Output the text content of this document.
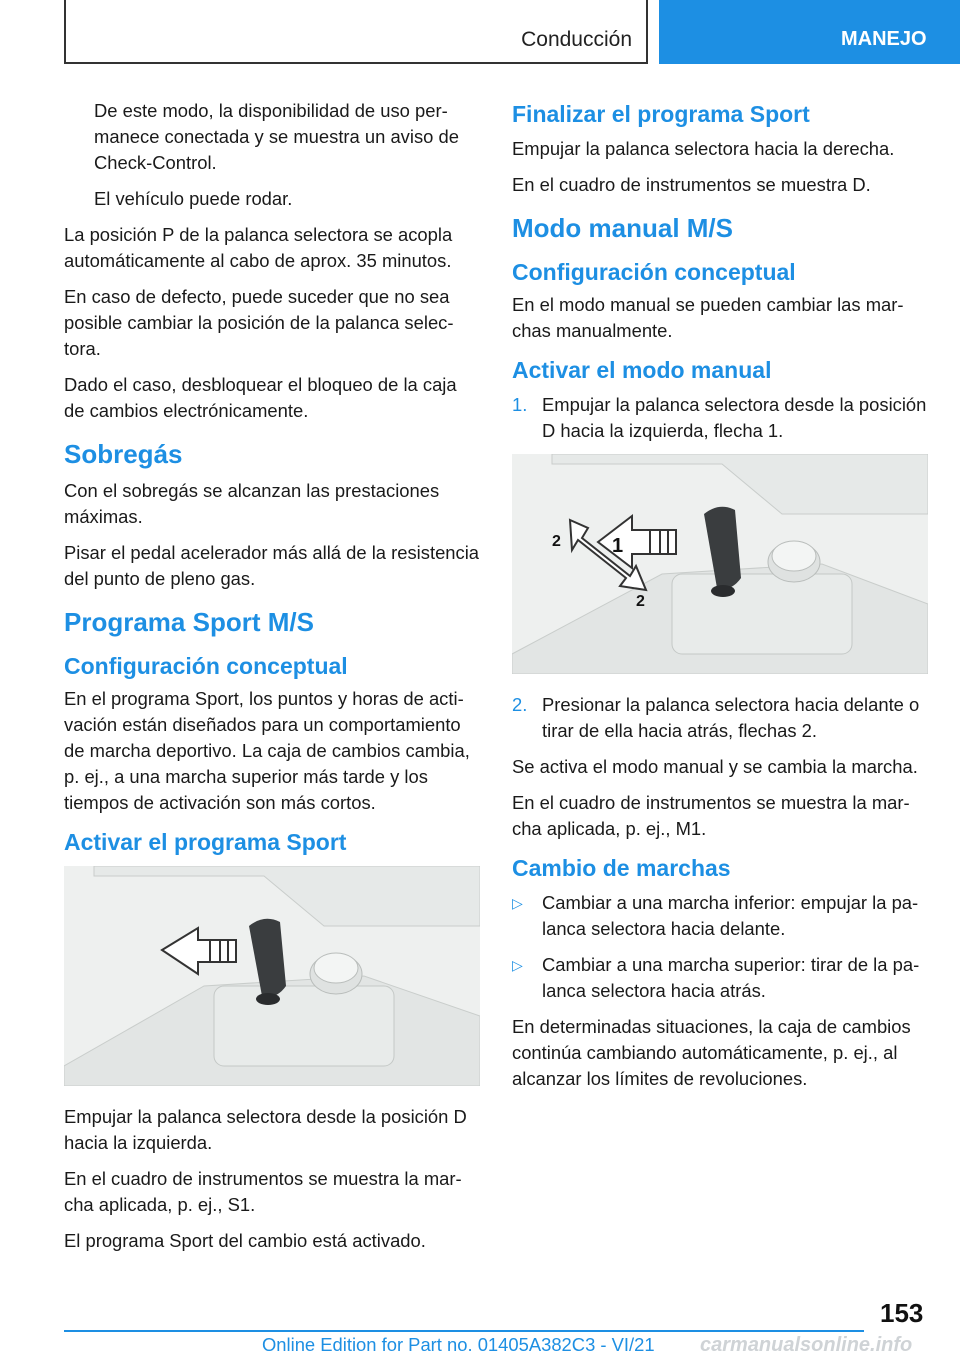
Conducción	MANEJO

De este modo, la disponibilidad de uso permanece conectada y se muestra un aviso de Check-Control.

El vehículo puede rodar.

La posición P de la palanca selectora se acopla automáticamente al cabo de aprox. 35 minutos.

En caso de defecto, puede suceder que no sea posible cambiar la posición de la palanca selectora.

Dado el caso, desbloquear el bloqueo de la caja de cambios electrónicamente.

Sobregás

Con el sobregás se alcanzan las prestaciones máximas.

Pisar el pedal acelerador más allá de la resistencia del punto de pleno gas.

Programa Sport M/S
Configuración conceptual

En el programa Sport, los puntos y horas de activación están diseñados para un comportamiento de marcha deportivo. La caja de cambios cambia, p. ej., a una marcha superior más tarde y los tiempos de activación son más cortos.

Activar el programa Sport

Empujar la palanca selectora desde la posición D hacia la izquierda.

En el cuadro de instrumentos se muestra la marcha aplicada, p. ej., S1.

El programa Sport del cambio está activado.

Finalizar el programa Sport

Empujar la palanca selectora hacia la derecha.

En el cuadro de instrumentos se muestra D.

Modo manual M/S
Configuración conceptual

En el modo manual se pueden cambiar las marchas manualmente.

Activar el modo manual
1. Empujar la palanca selectora desde la posición D hacia la izquierda, flecha 1.
1
2
2
2. Presionar la palanca selectora hacia delante o tirar de ella hacia atrás, flechas 2.

Se activa el modo manual y se cambia la marcha.

En el cuadro de instrumentos se muestra la marcha aplicada, p. ej., M1.

Cambio de marchas
▷ Cambiar a una marcha inferior: empujar la palanca selectora hacia delante.
▷ Cambiar a una marcha superior: tirar de la palanca selectora hacia atrás.

En determinadas situaciones, la caja de cambios continúa cambiando automáticamente, p. ej., al alcanzar los límites de revoluciones.

153
Online Edition for Part no. 01405A382C3 - VI/21 carmanualsonline.info
